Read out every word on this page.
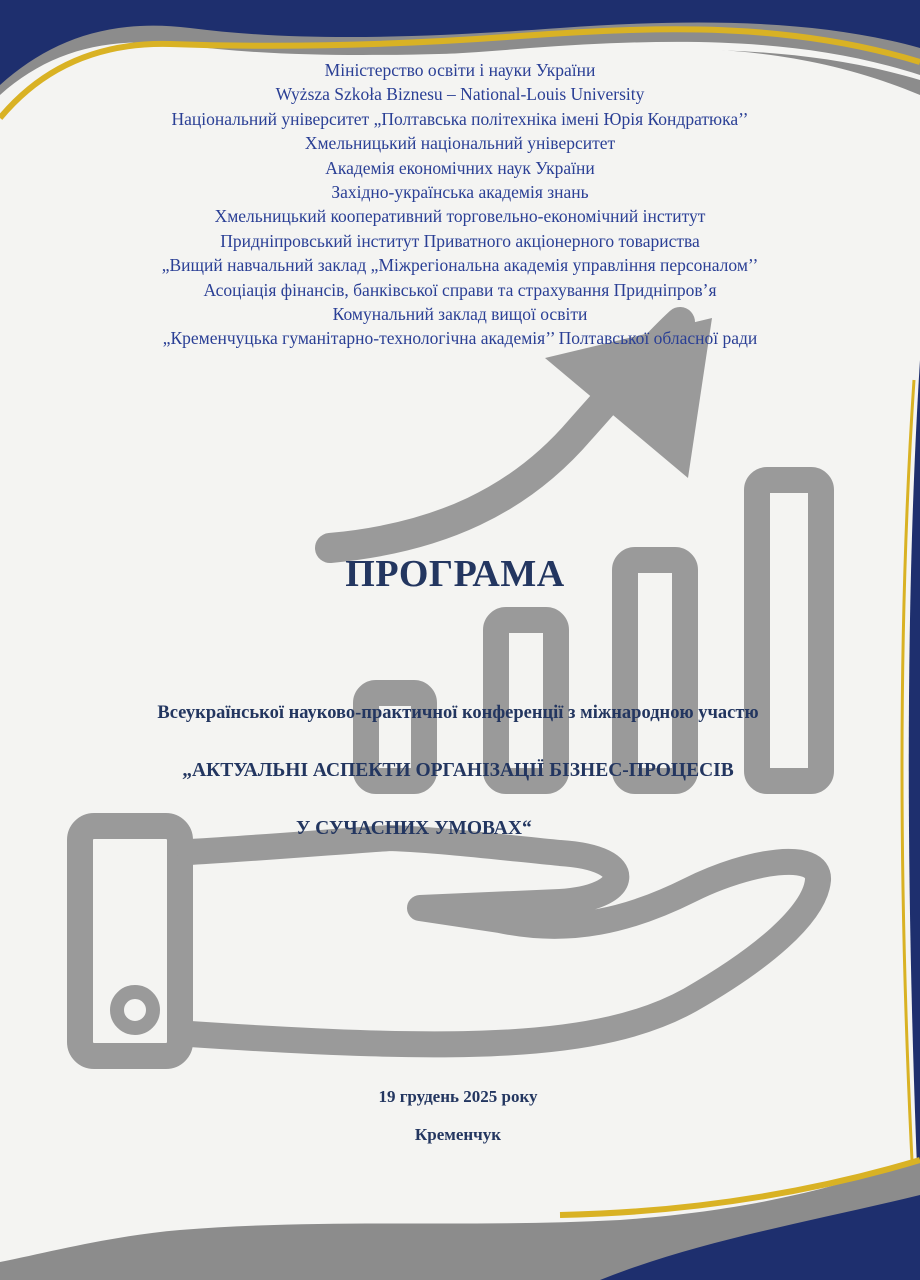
Міністерство освіти і науки України
Wyższa Szkoła Biznesu – National-Louis University
Національний університет „Полтавська політехніка імені Юрія Кондратюка’’
Хмельницький національний університет
Академія економічних наук України
Західно-українська академія знань
Хмельницький кооперативний торговельно-економічний інститут
Придніпровський інститут Приватного акціонерного товариства
„Вищий навчальний заклад „Міжрегіональна академія управління персоналом’’
Асоціація фінансів, банківської справи та страхування Придніпров’я
Комунальний заклад вищої освіти
„Кременчуцька гуманітарно-технологічна академія’’ Полтавської обласної ради
ПРОГРАМА
Всеукраїнської науково-практичної конференції з міжнародною участю
„АКТУАЛЬНІ АСПЕКТИ ОРГАНІЗАЦІЇ БІЗНЕС-ПРОЦЕСІВ
У СУЧАСНИХ УМОВАХ“
19 грудень 2025 року
Кременчук
